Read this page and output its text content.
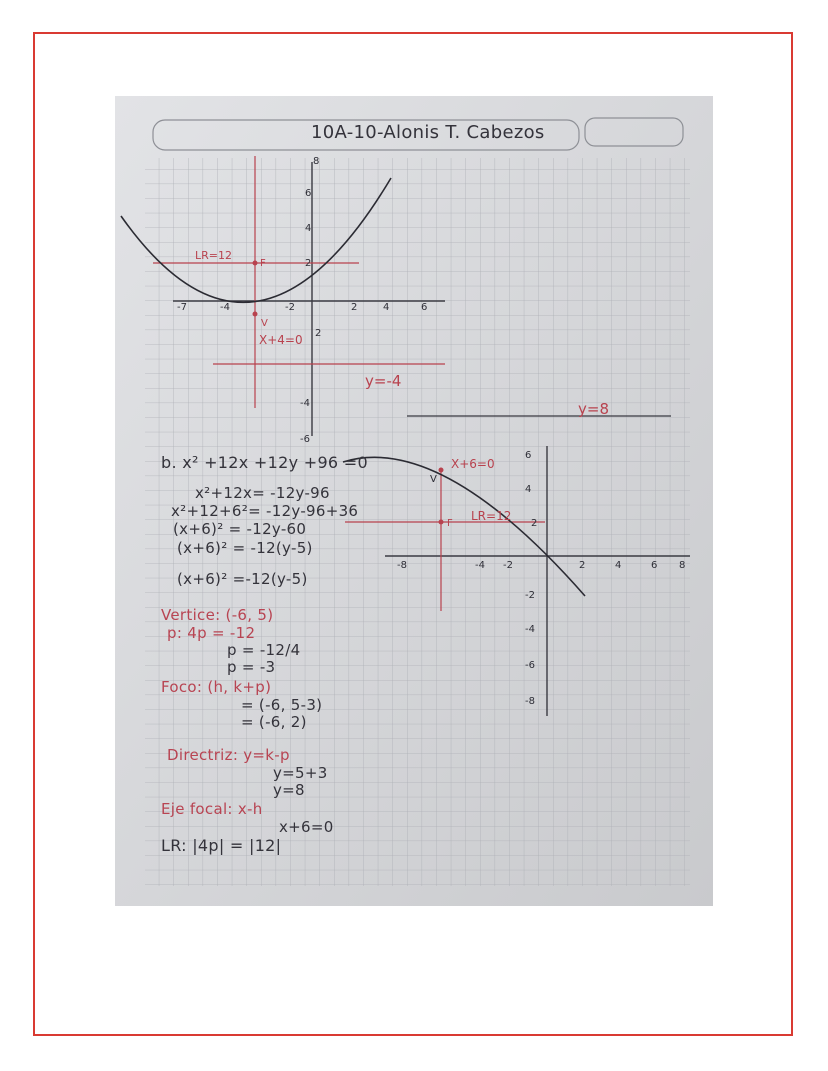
-7	-4	-2	2	4	6
8
6
4
2
2
-4
-6
LR=12
F
V
X+4=0
y=-4
y=8
X+6=0
LR=12
F
V
-8	-4 -2	2	4	6 8
6
4
2
-2
-4
-6
-8
10A-10-Alonis T. Cabezos
b. x² +12x +12y +96 =0
x²+12x= -12y-96
x²+12+6²= -12y-96+36
(x+6)² = -12y-60
(x+6)² = -12(y-5)
(x+6)² =-12(y-5)
Vertice: (-6, 5)
p: 4p = -12
p = -12/4
p = -3
Foco: (h, k+p)
= (-6, 5-3)
= (-6, 2)
Directriz: y=k-p
y=5+3
y=8
Eje focal: x-h
x+6=0
LR: |4p| = |12|
